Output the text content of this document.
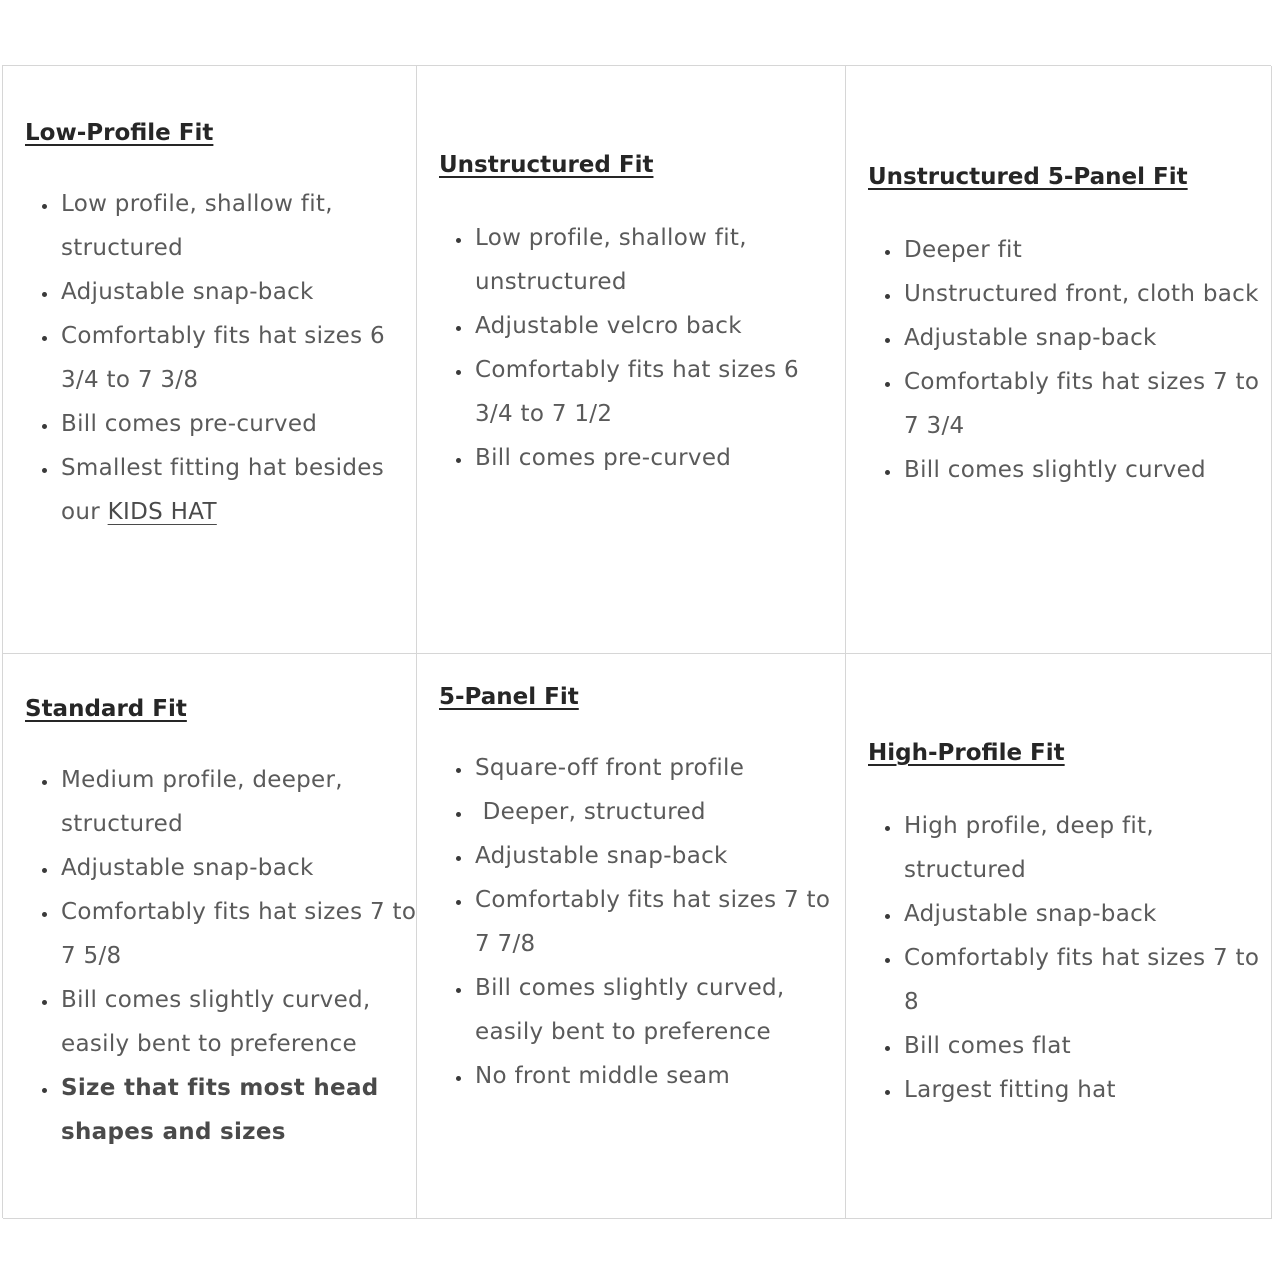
Low-Profile Fit
• Low profile, shallow fit, structured
• Adjustable snap-back
• Comfortably fits hat sizes 6 3/4 to 7 3/8
• Bill comes pre-curved
• Smallest fitting hat besides our KIDS HAT
Unstructured Fit
• Low profile, shallow fit, unstructured
• Adjustable velcro back
• Comfortably fits hat sizes 6 3/4 to 7 1/2
• Bill comes pre-curved
Unstructured 5-Panel Fit
• Deeper fit
• Unstructured front, cloth back
• Adjustable snap-back
• Comfortably fits hat sizes 7 to 7 3/4
• Bill comes slightly curved
Standard Fit
• Medium profile, deeper, structured
• Adjustable snap-back
• Comfortably fits hat sizes 7 to 7 5/8
• Bill comes slightly curved, easily bent to preference
• Size that fits most head shapes and sizes
5-Panel Fit
• Square-off front profile
•  Deeper, structured
• Adjustable snap-back
• Comfortably fits hat sizes 7 to 7 7/8
• Bill comes slightly curved, easily bent to preference
• No front middle seam
High-Profile Fit
• High profile, deep fit, structured
• Adjustable snap-back
• Comfortably fits hat sizes 7 to 8
• Bill comes flat
• Largest fitting hat
